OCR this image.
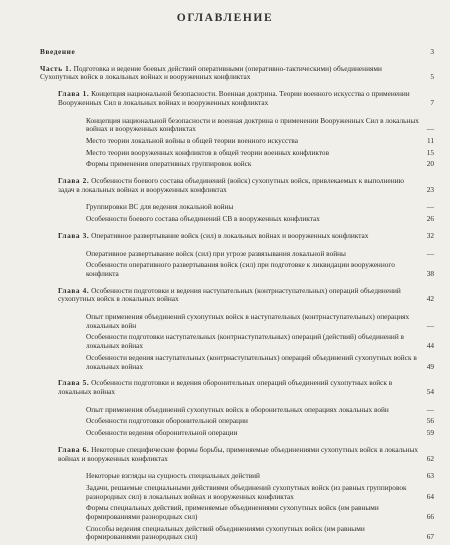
ОГЛАВЛЕНИЕ
Введение	3
Часть 1. Подготовка и ведение боевых действий оперативными (оперативно-тактическими) объединениями Сухопутных войск в локальных войнах и вооруженных конфликтах	5
Глава 1. Концепция национальной безопасности. Военная доктрина. Теории военного искусства о применении Вооруженных Сил в локальных войнах и вооруженных конфликтах	7
Концепция национальной безопасности и военная доктрина о применении Вооруженных Сил в локальных войнах и вооруженных конфликтах	—
Место теории локальной войны в общей теории военного искусства	11
Место теории вооруженных конфликтов в общей теории военных конфликтов	15
Формы применения оперативных группировок войск	20
Глава 2. Особенности боевого состава объединений (войск) сухопутных войск, привлекаемых к выполнению задач в локальных войнах и вооруженных конфликтах	23
Группировки ВС для ведения локальной войны	—
Особенности боевого состава объединений СВ в вооруженных конфликтах	26
Глава 3. Оперативное развертывание войск (сил) в локальных войнах и вооруженных конфликтах	32
Оперативное развертывание войск (сил) при угрозе развязывания локальной войны	—
Особенности оперативного развертывания войск (сил) при подготовке к ликвидации вооруженного конфликта	38
Глава 4. Особенности подготовки и ведения наступательных (контрнаступательных) операций объединений сухопутных войск в локальных войнах	42
Опыт применения объединений сухопутных войск в наступательных (контрнаступательных) операциях локальных войн	—
Особенности подготовки наступательных (контрнаступательных) операций (действий) объединений в локальных войнах	44
Особенности ведения наступательных (контрнаступательных) операций объединений сухопутных войск в локальных войнах	49
Глава 5. Особенности подготовки и ведения оборонительных операций объединений сухопутных войск в локальных войнах	54
Опыт применения объединений сухопутных войск в оборонительных операциях локальных войн	—
Особенности подготовки оборонительной операции	56
Особенности ведения оборонительной операции	59
Глава 6. Некоторые специфические формы борьбы, применяемые объединениями сухопутных войск в локальных войнах и вооруженных конфликтах	62
Некоторые взгляды на сущность специальных действий	63
Задачи, решаемые специальными действиями объединений сухопутных войск (из равных группировок разнородных сил) в локальных войнах и вооруженных конфликтах	64
Формы специальных действий, применяемые объединениями сухопутных войск (им равными формированиями разнородных сил)	66
Способы ведения специальных действий объединениями сухопутных войск (им равными формированиями разнородных сил)	67
